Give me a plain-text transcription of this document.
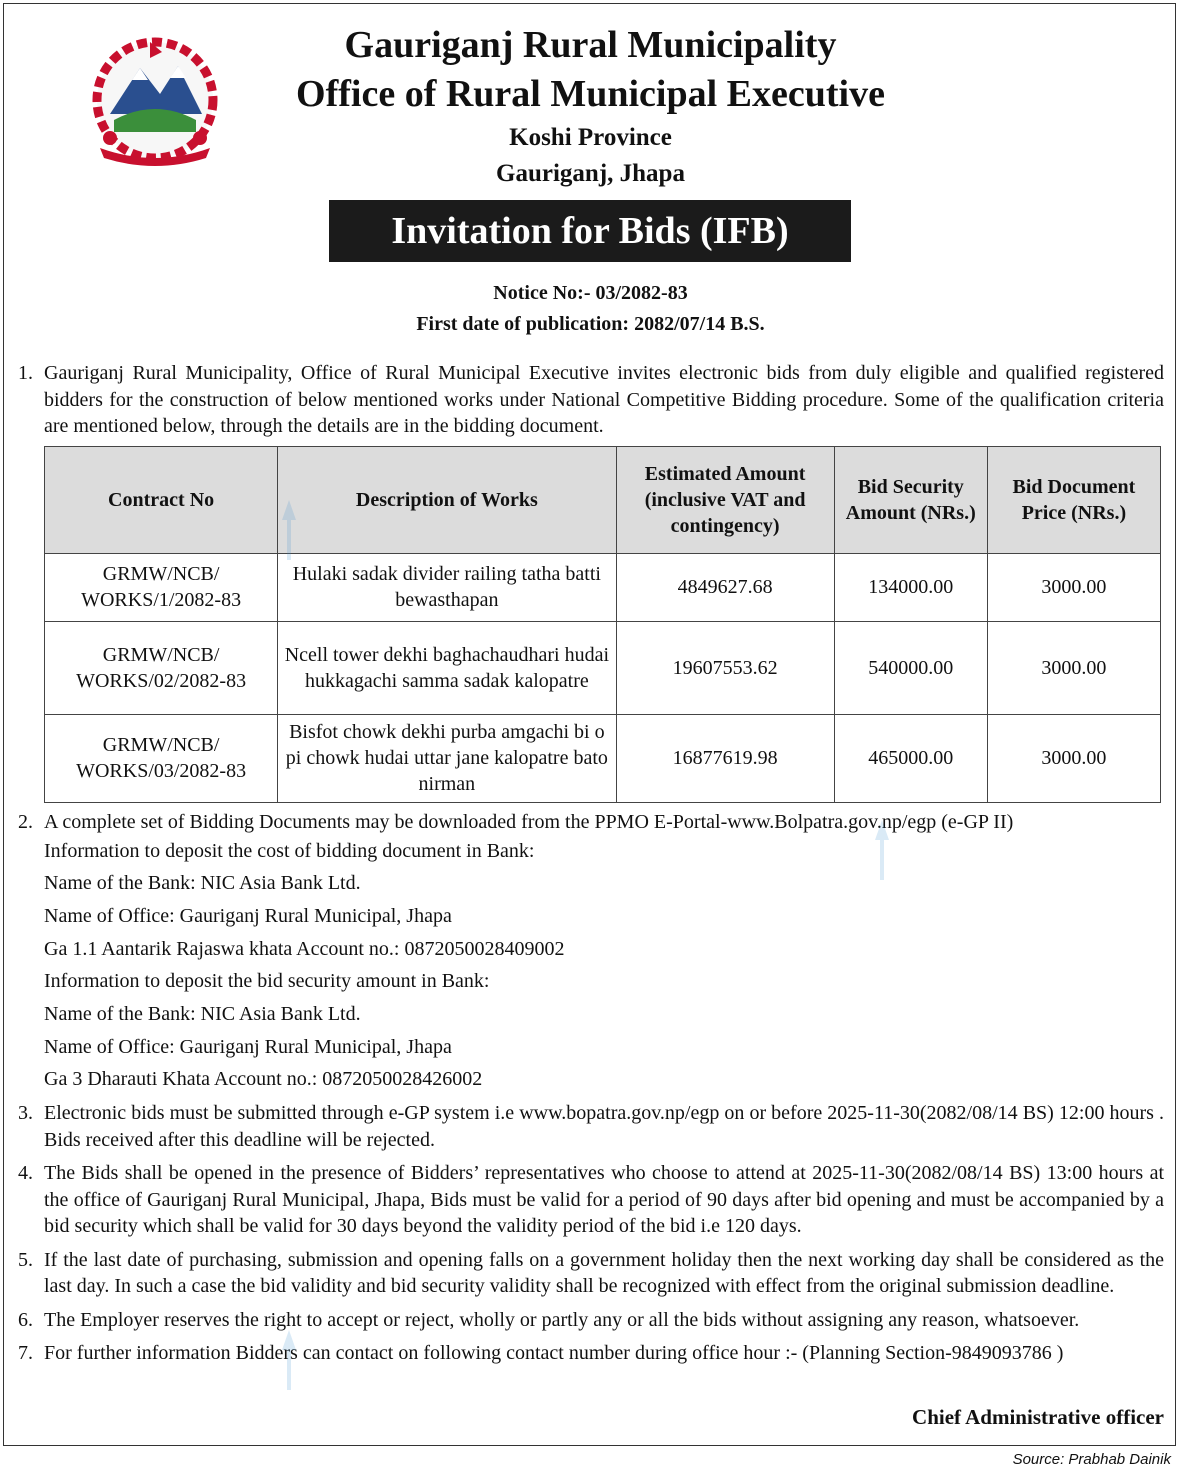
Gauriganj Rural Municipality
Office of Rural Municipal Executive
Koshi Province
Gauriganj, Jhapa
Invitation for Bids (IFB)
Notice No:- 03/2082-83
First date of publication: 2082/07/14 B.S.
1. Gauriganj Rural Municipality, Office of Rural Municipal Executive invites electronic bids from duly eligible and qualified registered bidders for the construction of below mentioned works under National Competitive Bidding procedure. Some of the qualification criteria are mentioned below, through the details are in the bidding document.
Contract No	Description of Works	Estimated Amount (inclusive VAT and contingency)	Bid Security Amount (NRs.)	Bid Document Price (NRs.)
GRMW/NCB/ WORKS/1/2082-83	Hulaki sadak divider railing tatha batti bewasthapan	4849627.68	134000.00	3000.00
GRMW/NCB/ WORKS/02/2082-83	Ncell tower dekhi baghachaudhari hudai hukkagachi samma sadak kalopatre	19607553.62	540000.00	3000.00
GRMW/NCB/ WORKS/03/2082-83	Bisfot chowk dekhi purba amgachi bi o pi chowk hudai uttar jane kalopatre bato nirman	16877619.98	465000.00	3000.00
2. A complete set of Bidding Documents may be downloaded from the PPMO E-Portal-www.Bolpatra.gov.np/egp (e-GP II)
Information to deposit the cost of bidding document in Bank:
Name of the Bank: NIC Asia Bank Ltd.
Name of Office: Gauriganj Rural Municipal, Jhapa
Ga 1.1 Aantarik Rajaswa khata Account no.: 0872050028409002
Information to deposit the bid security amount in Bank:
Name of the Bank: NIC Asia Bank Ltd.
Name of Office: Gauriganj Rural Municipal, Jhapa
Ga 3 Dharauti Khata Account no.: 0872050028426002
3. Electronic bids must be submitted through e-GP system i.e www.bopatra.gov.np/egp on or before 2025-11-30(2082/08/14 BS) 12:00 hours . Bids received after this deadline will be rejected.
4. The Bids shall be opened in the presence of Bidders’ representatives who choose to attend at 2025-11-30(2082/08/14 BS) 13:00 hours at the office of Gauriganj Rural Municipal, Jhapa, Bids must be valid for a period of 90 days after bid opening and must be accompanied by a bid security which shall be valid for 30 days beyond the validity period of the bid i.e 120 days.
5. If the last date of purchasing, submission and opening falls on a government holiday then the next working day shall be considered as the last day. In such a case the bid validity and bid security validity shall be recognized with effect from the original submission deadline.
6. The Employer reserves the right to accept or reject, wholly or partly any or all the bids without assigning any reason, whatsoever.
7. For further information Bidders can contact on following contact number during office hour :- (Planning Section-9849093786 )
Chief Administrative officer
Source: Prabhab Dainik
